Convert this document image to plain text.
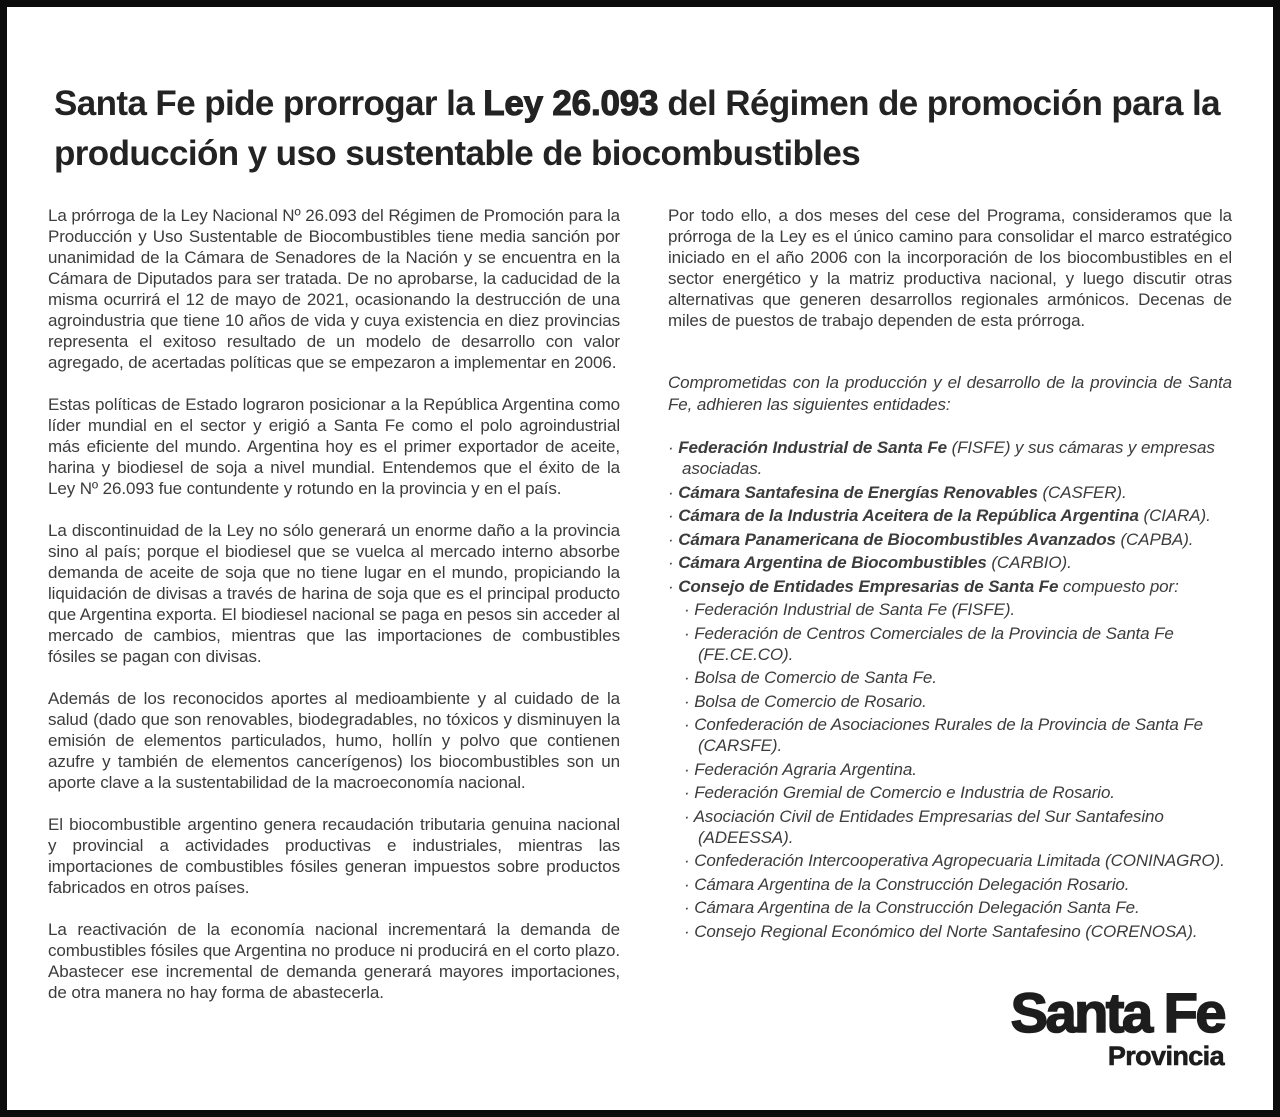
Santa Fe pide prorrogar la Ley 26.093 del Régimen de promoción para la producción y uso sustentable de biocombustibles

La prórroga de la Ley Nacional Nº 26.093 del Régimen de Promoción para la Producción y Uso Sustentable de Biocombustibles tiene media sanción por unanimidad de la Cámara de Senadores de la Nación y se encuentra en la Cámara de Diputados para ser tratada. De no aprobarse, la caducidad de la misma ocurrirá el 12 de mayo de 2021, ocasionando la destrucción de una agroindustria que tiene 10 años de vida y cuya existencia en diez provincias representa el exitoso resultado de un modelo de desarrollo con valor agregado, de acertadas políticas que se empezaron a implementar en 2006.

Estas políticas de Estado lograron posicionar a la República Argentina como líder mundial en el sector y erigió a Santa Fe como el polo agroindustrial más eficiente del mundo. Argentina hoy es el primer exportador de aceite, harina y biodiesel de soja a nivel mundial. Entendemos que el éxito de la Ley Nº 26.093 fue contundente y rotundo en la provincia y en el país.

La discontinuidad de la Ley no sólo generará un enorme daño a la provincia sino al país; porque el biodiesel que se vuelca al mercado interno absorbe demanda de aceite de soja que no tiene lugar en el mundo, propiciando la liquidación de divisas a través de harina de soja que es el principal producto que Argentina exporta. El biodiesel nacional se paga en pesos sin acceder al mercado de cambios, mientras que las importaciones de combustibles fósiles se pagan con divisas.

Además de los reconocidos aportes al medioambiente y al cuidado de la salud (dado que son renovables, biodegradables, no tóxicos y disminuyen la emisión de elementos particulados, humo, hollín y polvo que contienen azufre y también de elementos cancerígenos) los biocombustibles son un aporte clave a la sustentabilidad de la macroeconomía nacional.

El biocombustible argentino genera recaudación tributaria genuina nacional y provincial a actividades productivas e industriales, mientras las importaciones de combustibles fósiles generan impuestos sobre productos fabricados en otros países.

La reactivación de la economía nacional incrementará la demanda de combustibles fósiles que Argentina no produce ni producirá en el corto plazo. Abastecer ese incremental de demanda generará mayores importaciones, de otra manera no hay forma de abastecerla.

Por todo ello, a dos meses del cese del Programa, consideramos que la prórroga de la Ley es el único camino para consolidar el marco estratégico iniciado en el año 2006 con la incorporación de los biocombustibles en el sector energético y la matriz productiva nacional, y luego discutir otras alternativas que generen desarrollos regionales armónicos. Decenas de miles de puestos de trabajo dependen de esta prórroga.

Comprometidas con la producción y el desarrollo de la provincia de Santa Fe, adhieren las siguientes entidades:

· Federación Industrial de Santa Fe (FISFE) y sus cámaras y empresas asociadas.
· Cámara Santafesina de Energías Renovables (CASFER).
· Cámara de la Industria Aceitera de la República Argentina (CIARA).
· Cámara Panamericana de Biocombustibles Avanzados (CAPBA).
· Cámara Argentina de Biocombustibles (CARBIO).
· Consejo de Entidades Empresarias de Santa Fe compuesto por:
· Federación Industrial de Santa Fe (FISFE).
· Federación de Centros Comerciales de la Provincia de Santa Fe (FE.CE.CO).
· Bolsa de Comercio de Santa Fe.
· Bolsa de Comercio de Rosario.
· Confederación de Asociaciones Rurales de la Provincia de Santa Fe (CARSFE).
· Federación Agraria Argentina.
· Federación Gremial de Comercio e Industria de Rosario.
· Asociación Civil de Entidades Empresarias del Sur Santafesino (ADEESSA).
· Confederación Intercooperativa Agropecuaria Limitada (CONINAGRO).
· Cámara Argentina de la Construcción Delegación Rosario.
· Cámara Argentina de la Construcción Delegación Santa Fe.
· Consejo Regional Económico del Norte Santafesino (CORENOSA).
Santa Fe
Provincia
